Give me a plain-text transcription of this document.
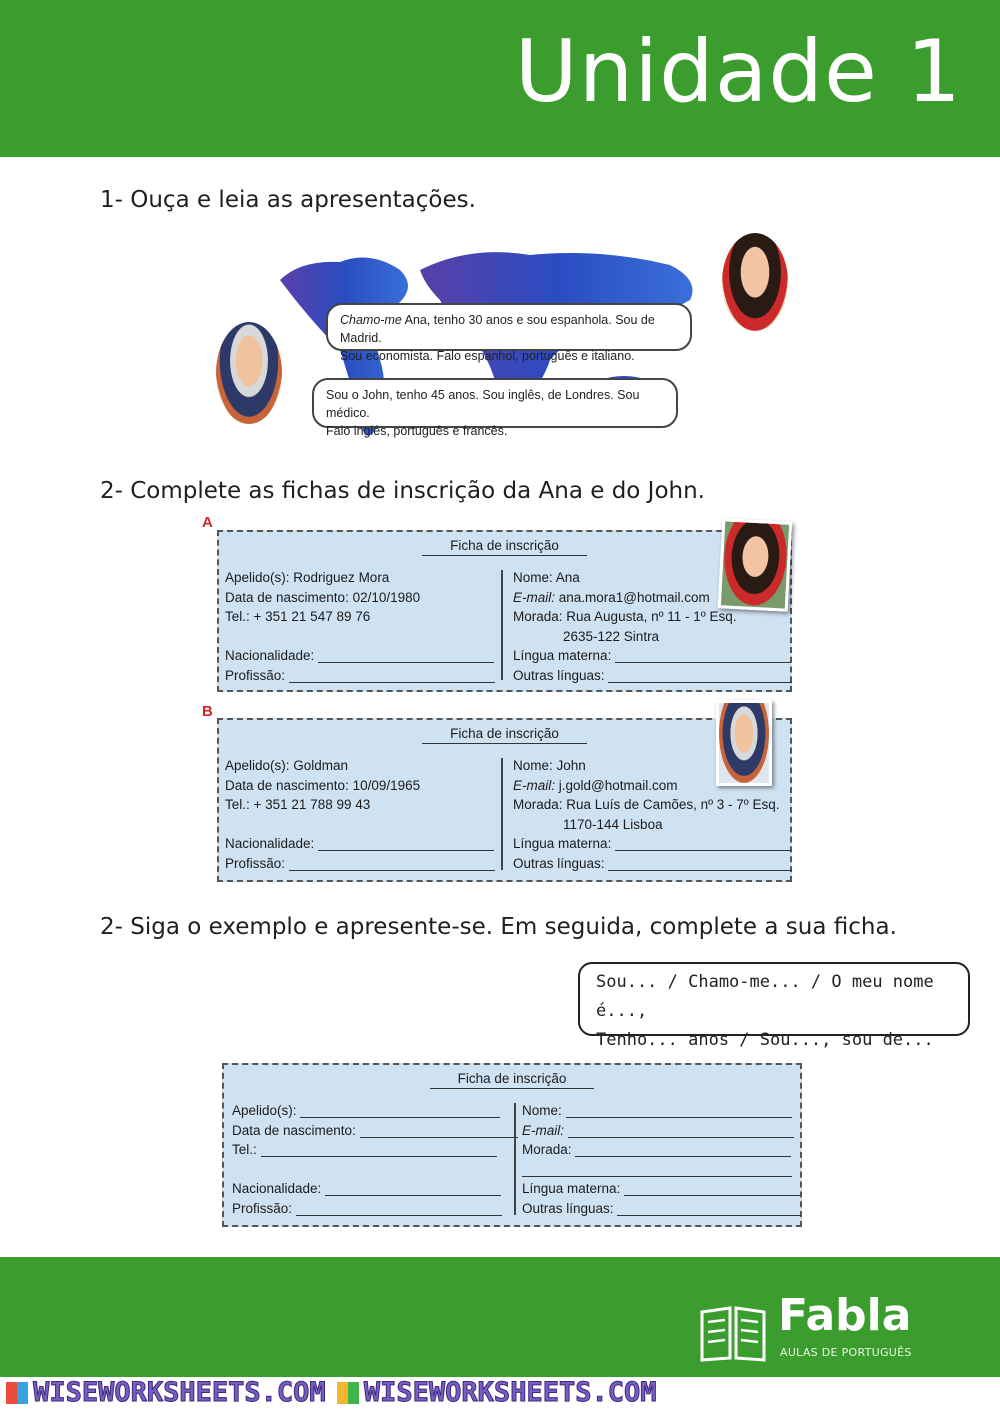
Unidade 1
1- Ouça e leia as apresentações.
Chamo-me Ana, tenho 30 anos e sou espanhola. Sou de Madrid.
Sou economista. Falo espanhol, português e italiano.
Sou o John, tenho 45 anos. Sou inglês, de Londres. Sou médico.
Falo inglês, português e francês.
2- Complete as fichas de inscrição da Ana e do John.
A
Ficha de inscrição
Apelido(s): Rodriguez Mora
Data de nascimento: 02/10/1980
Tel.: + 351 21 547 89 76
Nacionalidade:
Profissão:
Nome: Ana
E-mail: ana.mora1@hotmail.com
Morada: Rua Augusta, nº 11 - 1º Esq.
2635-122 Sintra
Língua materna:
Outras línguas:
B
Ficha de inscrição
Apelido(s): Goldman
Data de nascimento: 10/09/1965
Tel.: + 351 21 788 99 43
Nacionalidade:
Profissão:
Nome: John
E-mail: j.gold@hotmail.com
Morada: Rua Luís de Camões, nº 3 - 7º Esq.
1170-144 Lisboa
Língua materna:
Outras línguas:
2- Siga o exemplo e apresente-se. Em seguida, complete a sua ficha.
Sou... / Chamo-me... / O meu nome é...,
Tenho... anos / Sou..., sou de...
Ficha de inscrição
Apelido(s):
Data de nascimento:
Tel.:
Nacionalidade:
Profissão:
Nome:
E-mail:
Morada:
Língua materna:
Outras línguas:
Fabla
AULAS DE PORTUGUÊS
WISEWORKSHEETS.COM WISEWORKSHEETS.COM
